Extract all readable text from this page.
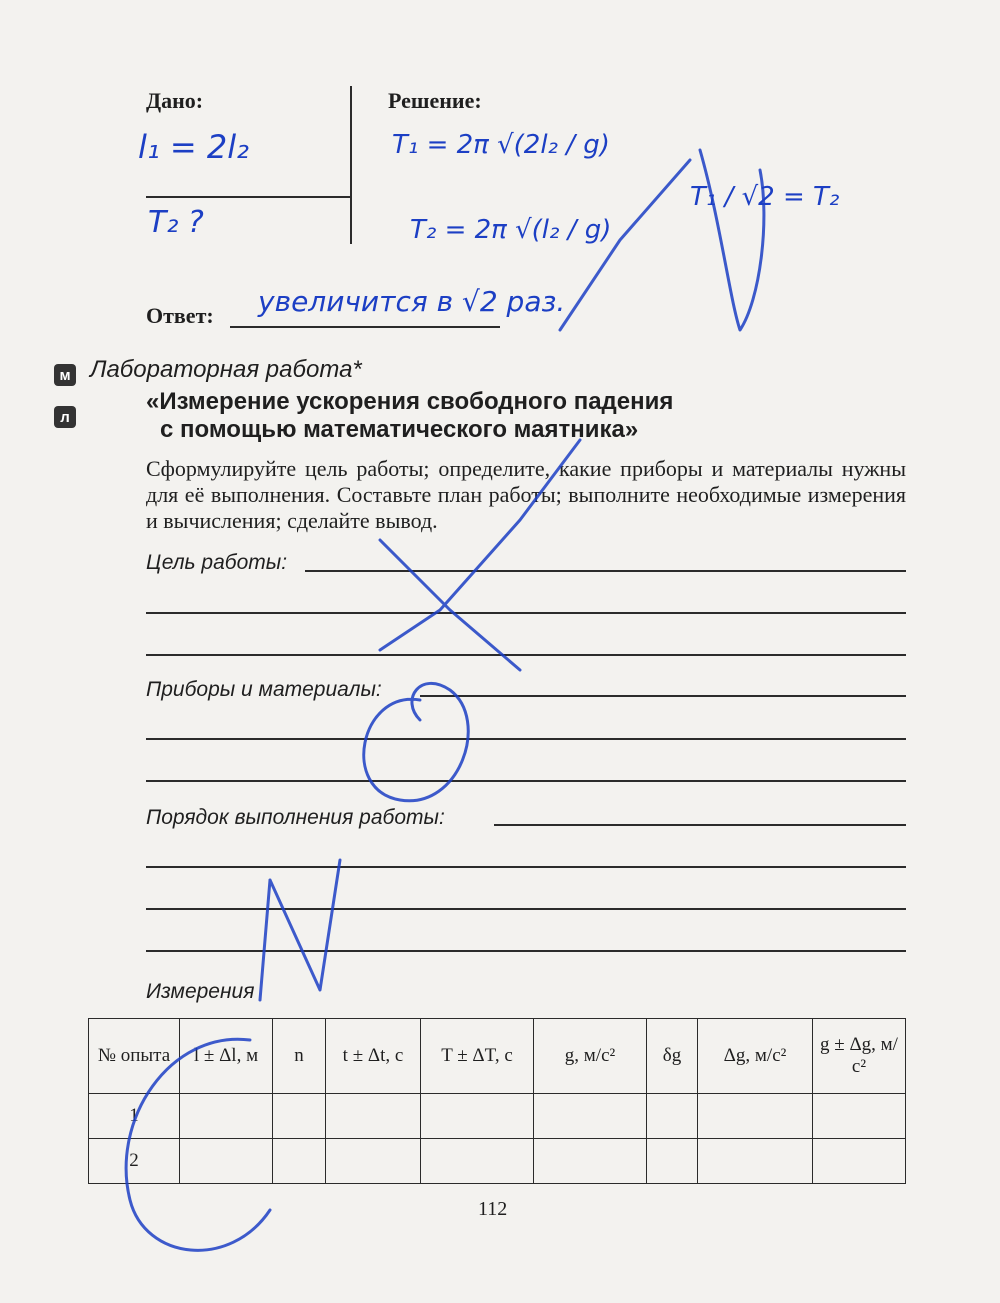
Дано:	Решение:
l₁ = 2l₂
T₂ ?
T₁ = 2π √(2l₂ / g)
T₂ = 2π √(l₂ / g)
T₁ / √2 = T₂
Ответ: увеличится в √2 раз.
м
л
Лабораторная работа*
«Измерение ускорения свободного падения
с помощью математического маятника»
Сформулируйте цель работы; определите, какие приборы и материалы нужны для её выполнения. Составьте план работы; выполните необходимые измерения и вычисления; сделайте вывод.
Цель работы:
Приборы и материалы:
Порядок выполнения работы:
Измерения
№ опыта	l ± Δl, м	n	t ± Δt, с	T ± ΔT, с	g, м/с²	δg	Δg, м/с²	g ± Δg, м/с²
1								
2								
112
